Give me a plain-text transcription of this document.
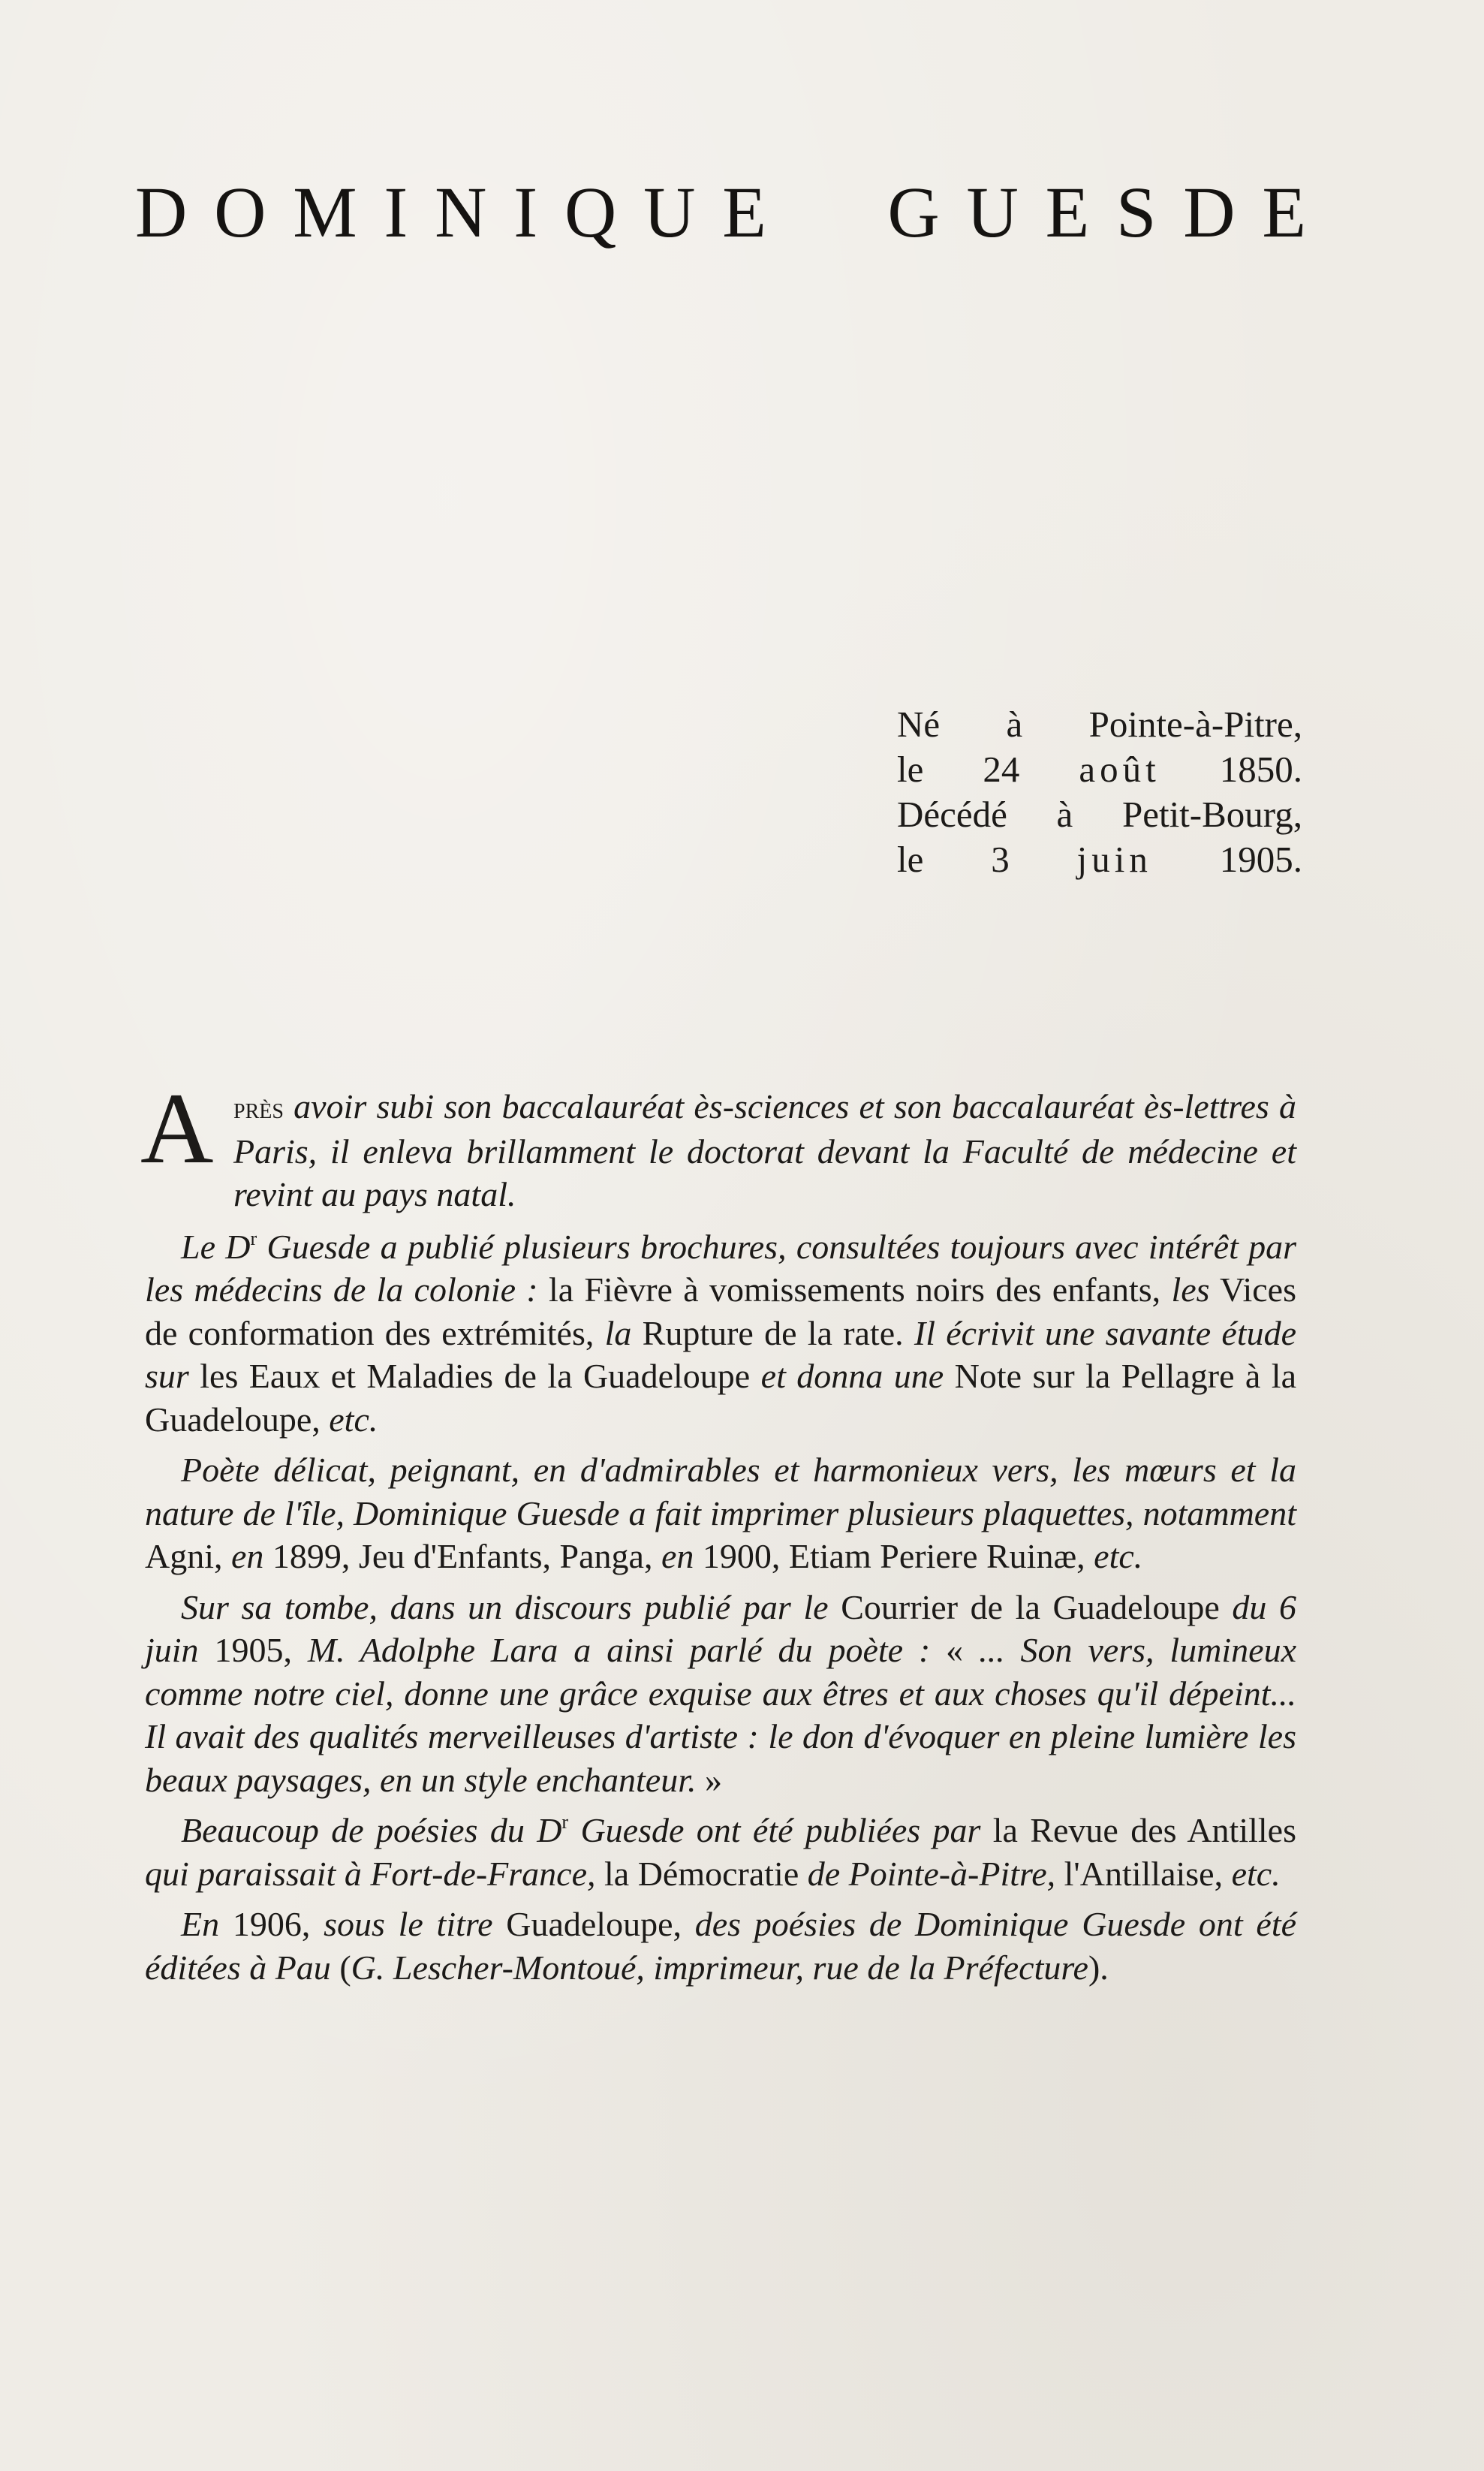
D O M I N I Q U E G U E S D E
Né à Pointe-à-Pitre,
le 24 août 1850.
Décédé à Petit-Bourg,
le 3 juin 1905.

A près avoir subi son baccalauréat ès-sciences et son baccalauréat ès-lettres à Paris, il enleva brillamment le doctorat devant la Faculté de médecine et revint au pays natal.

Le $D^r$ Guesde a publié plusieurs brochures, consultées toujours avec intérêt par les médecins de la colonie : la Fièvre à vomissements noirs des enfants, les Vices de conformation des extrémités, la Rupture de la rate. Il écrivit une savante étude sur les Eaux et Maladies de la Guadeloupe et donna une Note sur la Pellagre à la Guadeloupe, etc.

Poète délicat, peignant, en d'admirables et harmonieux vers, les mœurs et la nature de l'île, Dominique Guesde a fait imprimer plusieurs plaquettes, notamment Agni, en 1899, Jeu d'Enfants, Panga, en 1900, Etiam Periere Ruinæ, etc.

Sur sa tombe, dans un discours publié par le Courrier de la Guadeloupe du 6 juin 1905, M. Adolphe Lara a ainsi parlé du poète : « ... Son vers, lumineux comme notre ciel, donne une grâce exquise aux êtres et aux choses qu'il dépeint... Il avait des qualités merveilleuses d'artiste : le don d'évoquer en pleine lumière les beaux paysages, en un style enchanteur. »

Beaucoup de poésies du $D^r$ Guesde ont été publiées par la Revue des Antilles qui paraissait à Fort-de-France, la Démocratie de Pointe-à-Pitre, l'Antillaise, etc.

En 1906, sous le titre Guadeloupe, des poésies de Dominique Guesde ont été éditées à Pau (G. Lescher-Montoué, imprimeur, rue de la Préfecture).
